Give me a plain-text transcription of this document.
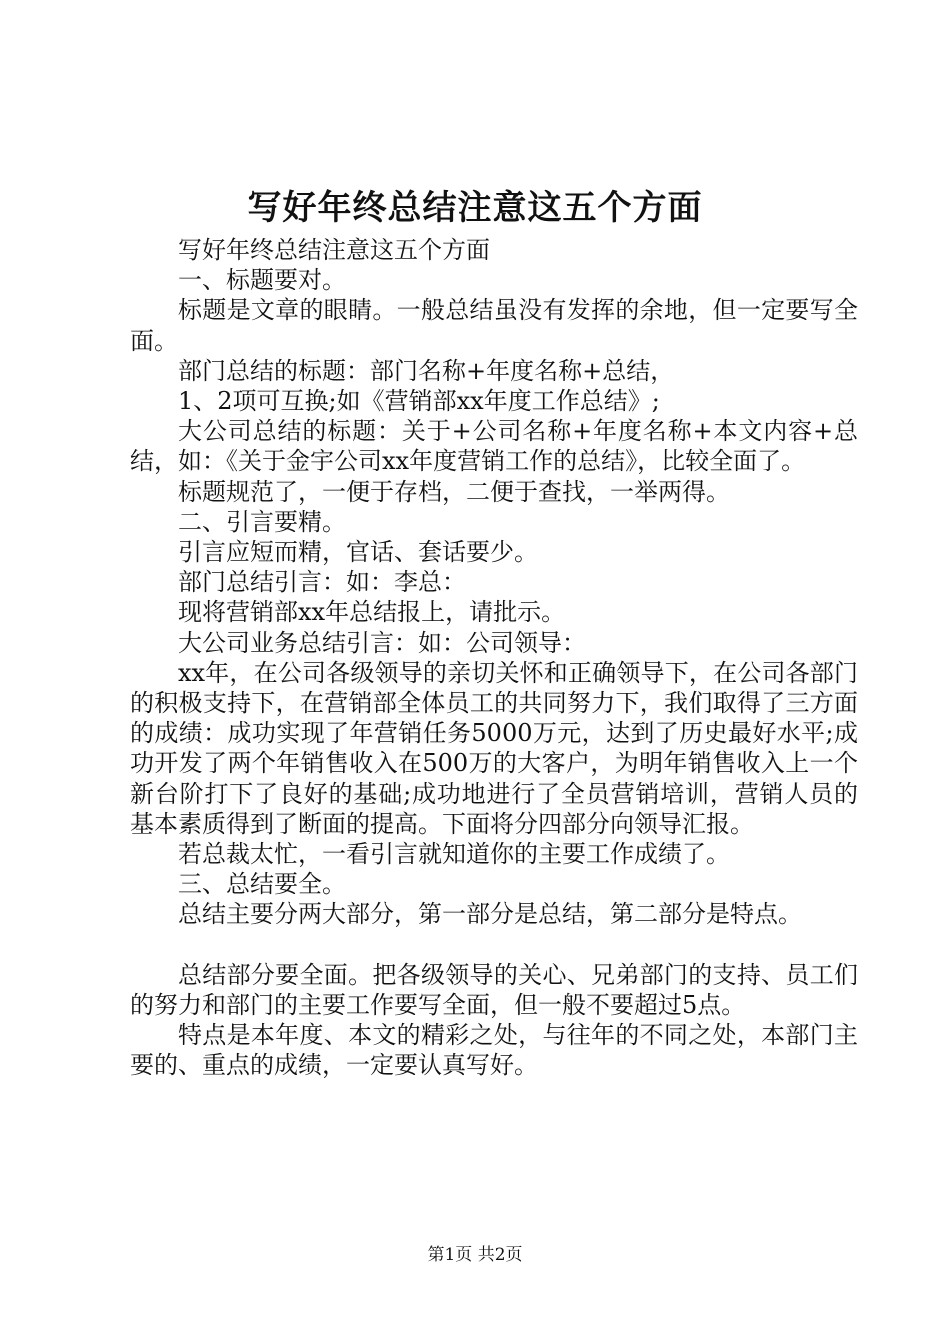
写好年终总结注意这五个方面

写好年终总结注意这五个方面

一、标题要对。

标题是文章的眼睛。一般总结虽没有发挥的余地，但一定要写全面。

部门总结的标题：部门名称+年度名称+总结，

1、2项可互换;如《营销部xx年度工作总结》;

大公司总结的标题：关于+公司名称+年度名称+本文内容+总结，如：《关于金宇公司xx年度营销工作的总结》，比较全面了。

标题规范了，一便于存档，二便于查找，一举两得。

二、引言要精。

引言应短而精，官话、套话要少。

部门总结引言：如：李总：

现将营销部xx年总结报上，请批示。

大公司业务总结引言：如：公司领导：

xx年，在公司各级领导的亲切关怀和正确领导下，在公司各部门的积极支持下，在营销部全体员工的共同努力下，我们取得了三方面的成绩：成功实现了年营销任务5000万元，达到了历史最好水平;成功开发了两个年销售收入在500万的大客户，为明年销售收入上一个新台阶打下了良好的基础;成功地进行了全员营销培训，营销人员的基本素质得到了断面的提高。下面将分四部分向领导汇报。

若总裁太忙，一看引言就知道你的主要工作成绩了。

三、总结要全。

总结主要分两大部分，第一部分是总结，第二部分是特点。

总结部分要全面。把各级领导的关心、兄弟部门的支持、员工们的努力和部门的主要工作要写全面，但一般不要超过5点。

特点是本年度、本文的精彩之处，与往年的不同之处，本部门主要的、重点的成绩，一定要认真写好。

第1页 共2页
